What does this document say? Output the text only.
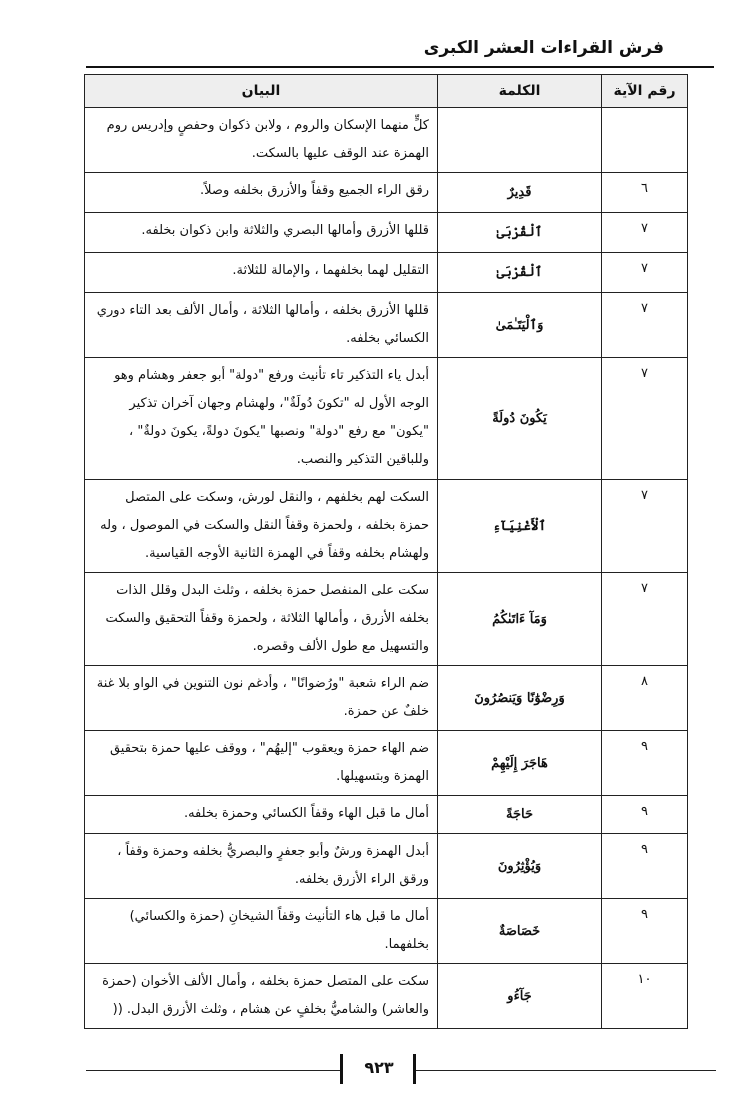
فرش القراءات العشر الكبرى
رقم الآية	الكلمة	البيان
		كلٍّ منهما الإسكان والروم ، ولابن ذكوان وحفصٍ وإدريس روم الهمزة عند الوقف عليها بالسكت.
٦	قَدِيرٌ	رقق الراء الجميع وقفاً والأزرق بخلفه وصلاً.
٧	ٱلْقُرْبَىٰ	قللها الأزرق وأمالها البصري والثلاثة وابن ذكوان بخلفه.
٧	ٱلْقُرْبَىٰ	التقليل لهما بخلفهما ، والإمالة للثلاثة.
٧	وَٱلْيَتَـٰمَىٰ	قللها الأزرق بخلفه ، وأمالها الثلاثة ، وأمال الألف بعد التاء دوري الكسائي بخلفه.
٧	يَكُونَ دُولَةً	أبدل ياء التذكير تاء تأنيث ورفع "دولة" أبو جعفر وهشام وهو الوجه الأول له "تكونَ دُولَةٌ"، ولهشام وجهان آخران تذكير "يكون" مع رفع "دولة" ونصبها "يكونَ دولةً، يكونَ دولةٌ" ، وللباقين التذكير والنصب.
٧	ٱلْأَغْنِيَآءِ	السكت لهم بخلفهم ، والنقل لورش، وسكت على المتصل حمزة بخلفه ، ولحمزة وقفاً النقل والسكت في الموصول ، وله ولهشام بخلفه وقفاً في الهمزة الثانية الأوجه القياسية.
٧	وَمَآ ءَاتَىٰكُمُ	سكت على المنفصل حمزة بخلفه ، وثلث البدل وقلل الذات بخلفه الأزرق ، وأمالها الثلاثة ، ولحمزة وقفاً التحقيق والسكت والتسهيل مع طول الألف وقصره.
٨	وَرِضْوَٰنًا وَيَنصُرُونَ	ضم الراء شعبة "ورُضوانًا" ، وأدغم نون التنوين في الواو بلا غنة خلفٌ عن حمزة.
٩	هَاجَرَ إِلَيْهِمْ	ضم الهاء حمزة ويعقوب "إليهُم" ، ووقف عليها حمزة بتحقيق الهمزة وبتسهيلها.
٩	حَاجَةً	أمال ما قبل الهاء وقفاً الكسائي وحمزة بخلفه.
٩	وَيُؤْثِرُونَ	أبدل الهمزة ورشٌ وأبو جعفرٍ والبصريُّ بخلفه وحمزة وقفاً ، ورقق الراء الأزرق بخلفه.
٩	خَصَاصَةٌ	أمال ما قبل هاء التأنيث وقفاً الشيخانِ (حمزة والكسائي) بخلفهما.
١٠	جَآءُو	سكت على المتصل حمزة بخلفه ، وأمال الألف الأخوان (حمزة والعاشر) والشاميُّ بخلفٍ عن هشام ، وثلث الأزرق البدل. ((
٩٢٣
